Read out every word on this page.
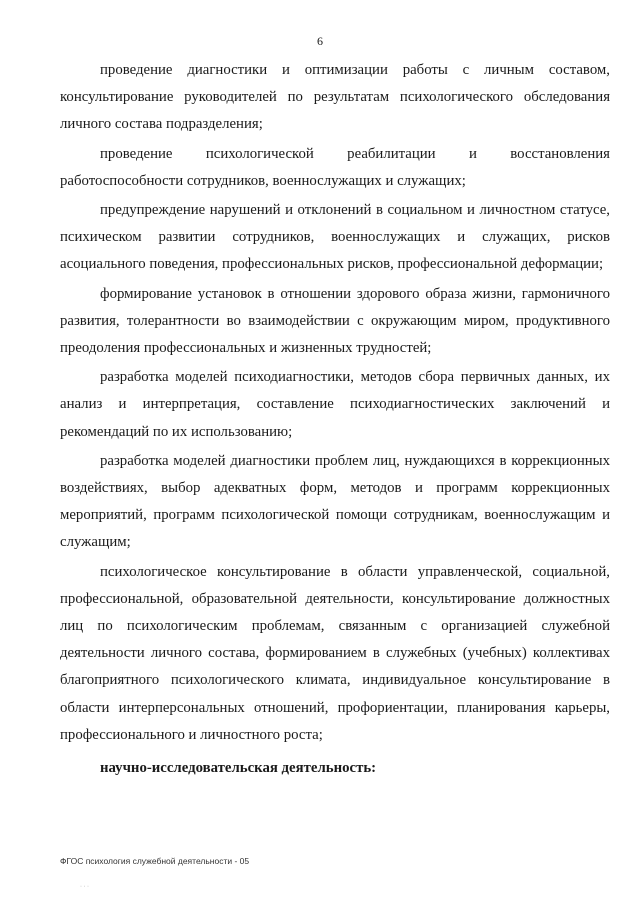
6

проведение диагностики и оптимизации работы с личным составом, консультирование руководителей по результатам психологического обследования личного состава подразделения;

проведение психологической реабилитации и восстановления работоспособности сотрудников, военнослужащих и служащих;

предупреждение нарушений и отклонений в социальном и личностном статусе, психическом развитии сотрудников, военнослужащих и служащих, рисков асоциального поведения, профессиональных рисков, профессиональной деформации;

формирование установок в отношении здорового образа жизни, гармоничного развития, толерантности во взаимодействии с окружающим миром, продуктивного преодоления профессиональных и жизненных трудностей;

разработка моделей психодиагностики, методов сбора первичных данных, их анализ и интерпретация, составление психодиагностических заключений и рекомендаций по их использованию;

разработка моделей диагностики проблем лиц, нуждающихся в коррекционных воздействиях, выбор адекватных форм, методов и программ коррекционных мероприятий, программ психологической помощи сотрудникам, военнослужащим и служащим;

психологическое консультирование в области управленческой, социальной, профессиональной, образовательной деятельности, консультирование должностных лиц по психологическим проблемам, связанным с организацией служебной деятельности личного состава, формированием в служебных (учебных) коллективах благоприятного психологического климата, индивидуальное консультирование в области интерперсональных отношений, профориентации, планирования карьеры, профессионального и личностного роста;

научно-исследовательская деятельность:

ФГОС психология служебной деятельности - 05
· · ·
